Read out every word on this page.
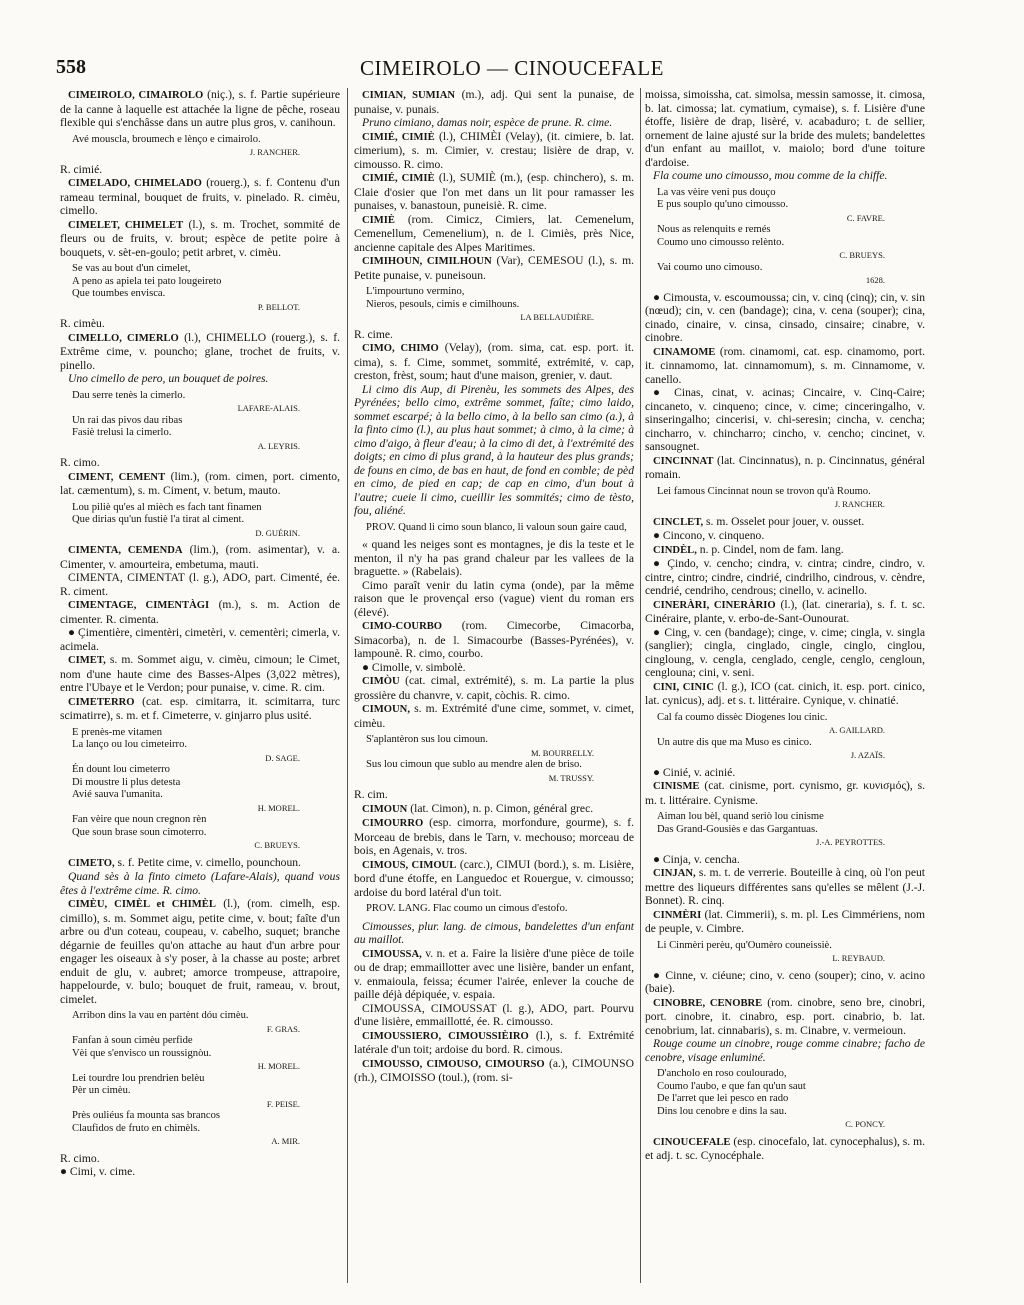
558	CIMEIROLO — CINOUCEFALE

CIMEIROLO, CIMAIROLO (niç.), s. f. Partie supérieure de la canne à laquelle est attachée la ligne de pêche, roseau flexible qui s'enchâsse dans un autre plus gros, v. canihoun.

Avé mouscla, broumech e lènço e cimairolo.
J. RANCHER.

R. cimié.

CIMELADO, CHIMELADO (rouerg.), s. f. Contenu d'un rameau terminal, bouquet de fruits, v. pinelado. R. cimèu, cimello.

CIMELET, CHIMELET (l.), s. m. Trochet, sommité de fleurs ou de fruits, v. brout; espèce de petite poire à bouquets, v. sèt-en-goulo; petit arbret, v. cimèu.

Se vas au bout d'un cimelet,
A peno as apiela tei pato lougeireto
Que toumbes envisca.
P. BELLOT.

R. cimèu.

CIMELLO, CIMERLO (l.), CHIMELLO (rouerg.), s. f. Extrême cime, v. pouncho; glane, trochet de fruits, v. pinello.

Uno cimello de pero, un bouquet de poires.

Dau serre tenès la cimerlo.
LAFARE-ALAIS.
Un rai das pivos dau ribas
Fasiè trelusi la cimerlo.
A. LEYRIS.

R. cimo.

CIMENT, CEMENT (lim.), (rom. cimen, port. cimento, lat. cæmentum), s. m. Ciment, v. betum, mauto.

Lou piliè qu'es al mièch es fach tant finamen
Que dirias qu'un fustiè l'a tirat al ciment.
D. GUÉRIN.

CIMENTA, CEMENDA (lim.), (rom. asimentar), v. a. Cimenter, v. amourteira, embetuma, mauti.

CIMENTA, CIMENTAT (l. g.), ADO, part. Cimenté, ée. R. ciment.

CIMENTAGE, CIMENTÀGI (m.), s. m. Action de cimenter. R. cimenta.

● Çimentière, cimentèri, cimetèri, v. cementèri; cimerla, v. acimela.

CIMET, s. m. Sommet aigu, v. cimèu, cimoun; le Cimet, nom d'une haute cime des Basses-Alpes (3,022 mètres), entre l'Ubaye et le Verdon; pour punaise, v. cime. R. cim.

CIMETERRO (cat. esp. cimitarra, it. scimitarra, turc scimatirre), s. m. et f. Cimeterre, v. ginjarro plus usité.

E prenès-me vitamen
La lanço ou lou cimeteirro.
D. SAGE.
Én dount lou cimeterro
Di moustre li plus detesta
Avié sauva l'umanita.
H. MOREL.
Fan vèire que noun cregnon rèn
Que soun brase soun cimoterro.
C. BRUEYS.

CIMETO, s. f. Petite cime, v. cimello, pounchoun.

Quand sès à la finto cimeto (Lafare-Alais), quand vous êtes à l'extrême cime. R. cimo.

CIMÈU, CIMÈL et CHIMÈL (l.), (rom. cimelh, esp. cimillo), s. m. Sommet aigu, petite cime, v. bout; faîte d'un arbre ou d'un coteau, coupeau, v. cabelho, suquet; branche dégarnie de feuilles qu'on attache au haut d'un arbre pour engager les oiseaux à s'y poser, à la chasse au poste; arbret enduit de glu, v. aubret; amorce trompeuse, attrapoire, happelourde, v. bulo; bouquet de fruit, rameau, v. brout, cimelet.

Arribon dins la vau en partènt dóu cimèu.
F. GRAS.
Fanfan à soun cimèu perfide
Vèi que s'envisco un roussignòu.
H. MOREL.
Lei tourdre lou prendrien belèu
Pèr un cimèu.
F. PEISE.
Près ouliéus fa mounta sas brancos
Claufidos de fruto en chimèls.
A. MIR.

R. cimo.

● Cimi, v. cime.

CIMIAN, SUMIAN (m.), adj. Qui sent la punaise, de punaise, v. punais.

Pruno cimiano, damas noir, espèce de prune. R. cime.

CIMIÉ, CIMIÈ (l.), CHIMÈI (Velay), (it. cimiere, b. lat. cimerium), s. m. Cimier, v. crestau; lisière de drap, v. cimousso. R. cimo.

CIMIÉ, CIMIÈ (l.), SUMIÈ (m.), (esp. chinchero), s. m. Claie d'osier que l'on met dans un lit pour ramasser les punaises, v. banastoun, puneisiè. R. cime.

CIMIÈ (rom. Cimicz, Cimiers, lat. Cemenelum, Cemenellum, Cemenelium), n. de l. Cimiès, près Nice, ancienne capitale des Alpes Maritimes.

CIMIHOUN, CIMILHOUN (Var), CEMESOU (l.), s. m. Petite punaise, v. puneisoun.

L'impourtuno vermino,
Nieros, pesouls, cimis e cimilhouns.
LA BELLAUDIÈRE.

R. cime.

CIMO, CHIMO (Velay), (rom. sima, cat. esp. port. it. cima), s. f. Cime, sommet, sommité, extrémité, v. cap, creston, frèst, soum; haut d'une maison, grenier, v. daut.

Li cimo dis Aup, di Pirenèu, les sommets des Alpes, des Pyrénées; bello cimo, extrême sommet, faîte; cimo laido, sommet escarpé; à la bello cimo, à la bello san cimo (a.), à la finto cimo (l.), au plus haut sommet; à cimo, à la cime; à cimo d'aigo, à fleur d'eau; à la cimo di det, à l'extrémité des doigts; en cimo di plus grand, à la hauteur des plus grands; de founs en cimo, de bas en haut, de fond en comble; de pèd en cimo, de pied en cap; de cap en cimo, d'un bout à l'autre; cueie li cimo, cueillir les sommités; cimo de tèsto, fou, aliéné.

PROV. Quand li cimo soun blanco, li valoun soun gaire caud,

« quand les neiges sont es montagnes, je dis la teste et le menton, il n'y ha pas grand chaleur par les vallees de la braguette. » (Rabelais).

Cimo paraît venir du latin cyma (onde), par la même raison que le provençal erso (vague) vient du roman ers (élevé).

CIMO-COURBO (rom. Cimecorbe, Cimacorba, Simacorba), n. de l. Simacourbe (Basses-Pyrénées), v. lampounè. R. cimo, courbo.

● Cimolle, v. simbolè.

CIMÒU (cat. cimal, extrémité), s. m. La partie la plus grossière du chanvre, v. capit, còchis. R. cimo.

CIMOUN, s. m. Extrémité d'une cime, sommet, v. cimet, cimèu.

S'aplantèron sus lou cimoun.
M. BOURRELLY.
Sus lou cimoun que sublo au mendre alen de briso.
M. TRUSSY.

R. cim.

CIMOUN (lat. Cimon), n. p. Cimon, général grec.

CIMOURRO (esp. cimorra, morfondure, gourme), s. f. Morceau de brebis, dans le Tarn, v. mechouso; morceau de bois, en Agenais, v. tros.

CIMOUS, CIMOUL (carc.), CIMUI (bord.), s. m. Lisière, bord d'une étoffe, en Languedoc et Rouergue, v. cimousso; ardoise du bord latéral d'un toit.

PROV. LANG. Flac coumo un cimous d'estofo.

Cimousses, plur. lang. de cimous, bandelettes d'un enfant au maillot.

CIMOUSSA, v. n. et a. Faire la lisière d'une pièce de toile ou de drap; emmaillotter avec une lisière, bander un enfant, v. enmaioula, feissa; écumer l'airée, enlever la couche de paille déjà dépiquée, v. espaia.

CIMOUSSA, CIMOUSSAT (l. g.), ADO, part. Pourvu d'une lisière, emmaillotté, ée. R. cimousso.

CIMOUSSIERO, CIMOUSSIÈIRO (l.), s. f. Extrémité latérale d'un toit; ardoise du bord. R. cimous.

CIMOUSSO, CIMOUSO, CIMOURSO (a.), CIMOUNSO (rh.), CIMOISSO (toul.), (rom. si-

moissa, simoissha, cat. simolsa, messin samosse, it. cimosa, b. lat. cimossa; lat. cymatium, cymaise), s. f. Lisière d'une étoffe, lisière de drap, lisèré, v. acabaduro; t. de sellier, ornement de laine ajusté sur la bride des mulets; bandelettes d'un enfant au maillot, v. maiolo; bord d'une toiture d'ardoise.

Fla coume uno cimousso, mou comme de la chiffe.

La vas vèire veni pus douço
E pus souplo qu'uno cimousso.
C. FAVRE.
Nous as relenquits e remés
Coumo uno cimousso relènto.
C. BRUEYS.
Vai coumo uno cimouso.
1628.

● Cimousta, v. escoumoussa; cin, v. cinq (cinq); cin, v. sin (nœud); cin, v. cen (bandage); cina, v. cena (souper); cina, cinado, cinaire, v. cinsa, cinsado, cinsaire; cinabre, v. cinobre.

CINAMOME (rom. cinamomi, cat. esp. cinamomo, port. it. cinnamomo, lat. cinnamomum), s. m. Cinnamome, v. canello.

● Cinas, cinat, v. acinas; Cincaire, v. Cinq-Caire; cincaneto, v. cinqueno; cince, v. cime; cinceringalho, v. sinseringalho; cincerisi, v. chi-seresin; cincha, v. cencha; cincharro, v. chincharro; cincho, v. cencho; cincinet, v. sansougnet.

CINCINNAT (lat. Cincinnatus), n. p. Cincinnatus, général romain.

Lei famous Cincinnat noun se trovon qu'à Roumo.
J. RANCHER.

CINCLET, s. m. Osselet pour jouer, v. ousset.

● Cincono, v. cinqueno.

CINDÈL, n. p. Cindel, nom de fam. lang.

● Çindo, v. cencho; cindra, v. cintra; cindre, cindro, v. cintre, cintro; cindre, cindrié, cindrilho, cindrous, v. cèndre, cendrié, cendriho, cendrous; cinello, v. acinello.

CINERÀRI, CINERÀRIO (l.), (lat. cineraria), s. f. t. sc. Cinéraire, plante, v. erbo-de-Sant-Ounourat.

● Cing, v. cen (bandage); cinge, v. cime; cingla, v. singla (sanglier); cingla, cinglado, cingle, cinglo, cinglou, cingloung, v. cengla, cenglado, cengle, cenglo, cengloun, cenglouna; cini, v. seni.

CINI, CINIC (l. g.), ICO (cat. cinich, it. esp. port. cinico, lat. cynicus), adj. et s. t. littéraire. Cynique, v. chinatié.

Cal fa coumo dissèc Diogenes lou cinic.
A. GAILLARD.
Un autre dis que ma Muso es cinico.
J. AZAÏS.

● Cinié, v. acinié.

CINISME (cat. cinisme, port. cynismo, gr. κυνισμός), s. m. t. littéraire. Cynisme.

Aiman lou bèl, quand seriò lou cinisme
Das Grand-Gousiès e das Gargantuas.
J.-A. PEYROTTES.

● Cinja, v. cencha.

CINJAN, s. m. t. de verrerie. Bouteille à cinq, où l'on peut mettre des liqueurs différentes sans qu'elles se mêlent (J.-J. Bonnet). R. cinq.

CINMÈRI (lat. Cimmerii), s. m. pl. Les Cimmériens, nom de peuple, v. Cimbre.

Li Cinmèri perèu, qu'Oumèro couneissiè.
L. REYBAUD.

● Cinne, v. ciéune; cino, v. ceno (souper); cino, v. acino (baie).

CINOBRE, CENOBRE (rom. cinobre, seno bre, cinobri, port. cinobre, it. cinabro, esp. port. cinabrio, b. lat. cenobrium, lat. cinnabaris), s. m. Cinabre, v. vermeioun.

Rouge coume un cinobre, rouge comme cinabre; facho de cenobre, visage enluminé.

D'ancholo en roso coulourado,
Coumo l'aubo, e que fan qu'un saut
De l'arret que lei pesco en rado
Dins lou cenobre e dins la sau.
C. PONCY.

CINOUCEFALE (esp. cinocefalo, lat. cynocephalus), s. m. et adj. t. sc. Cynocéphale.
